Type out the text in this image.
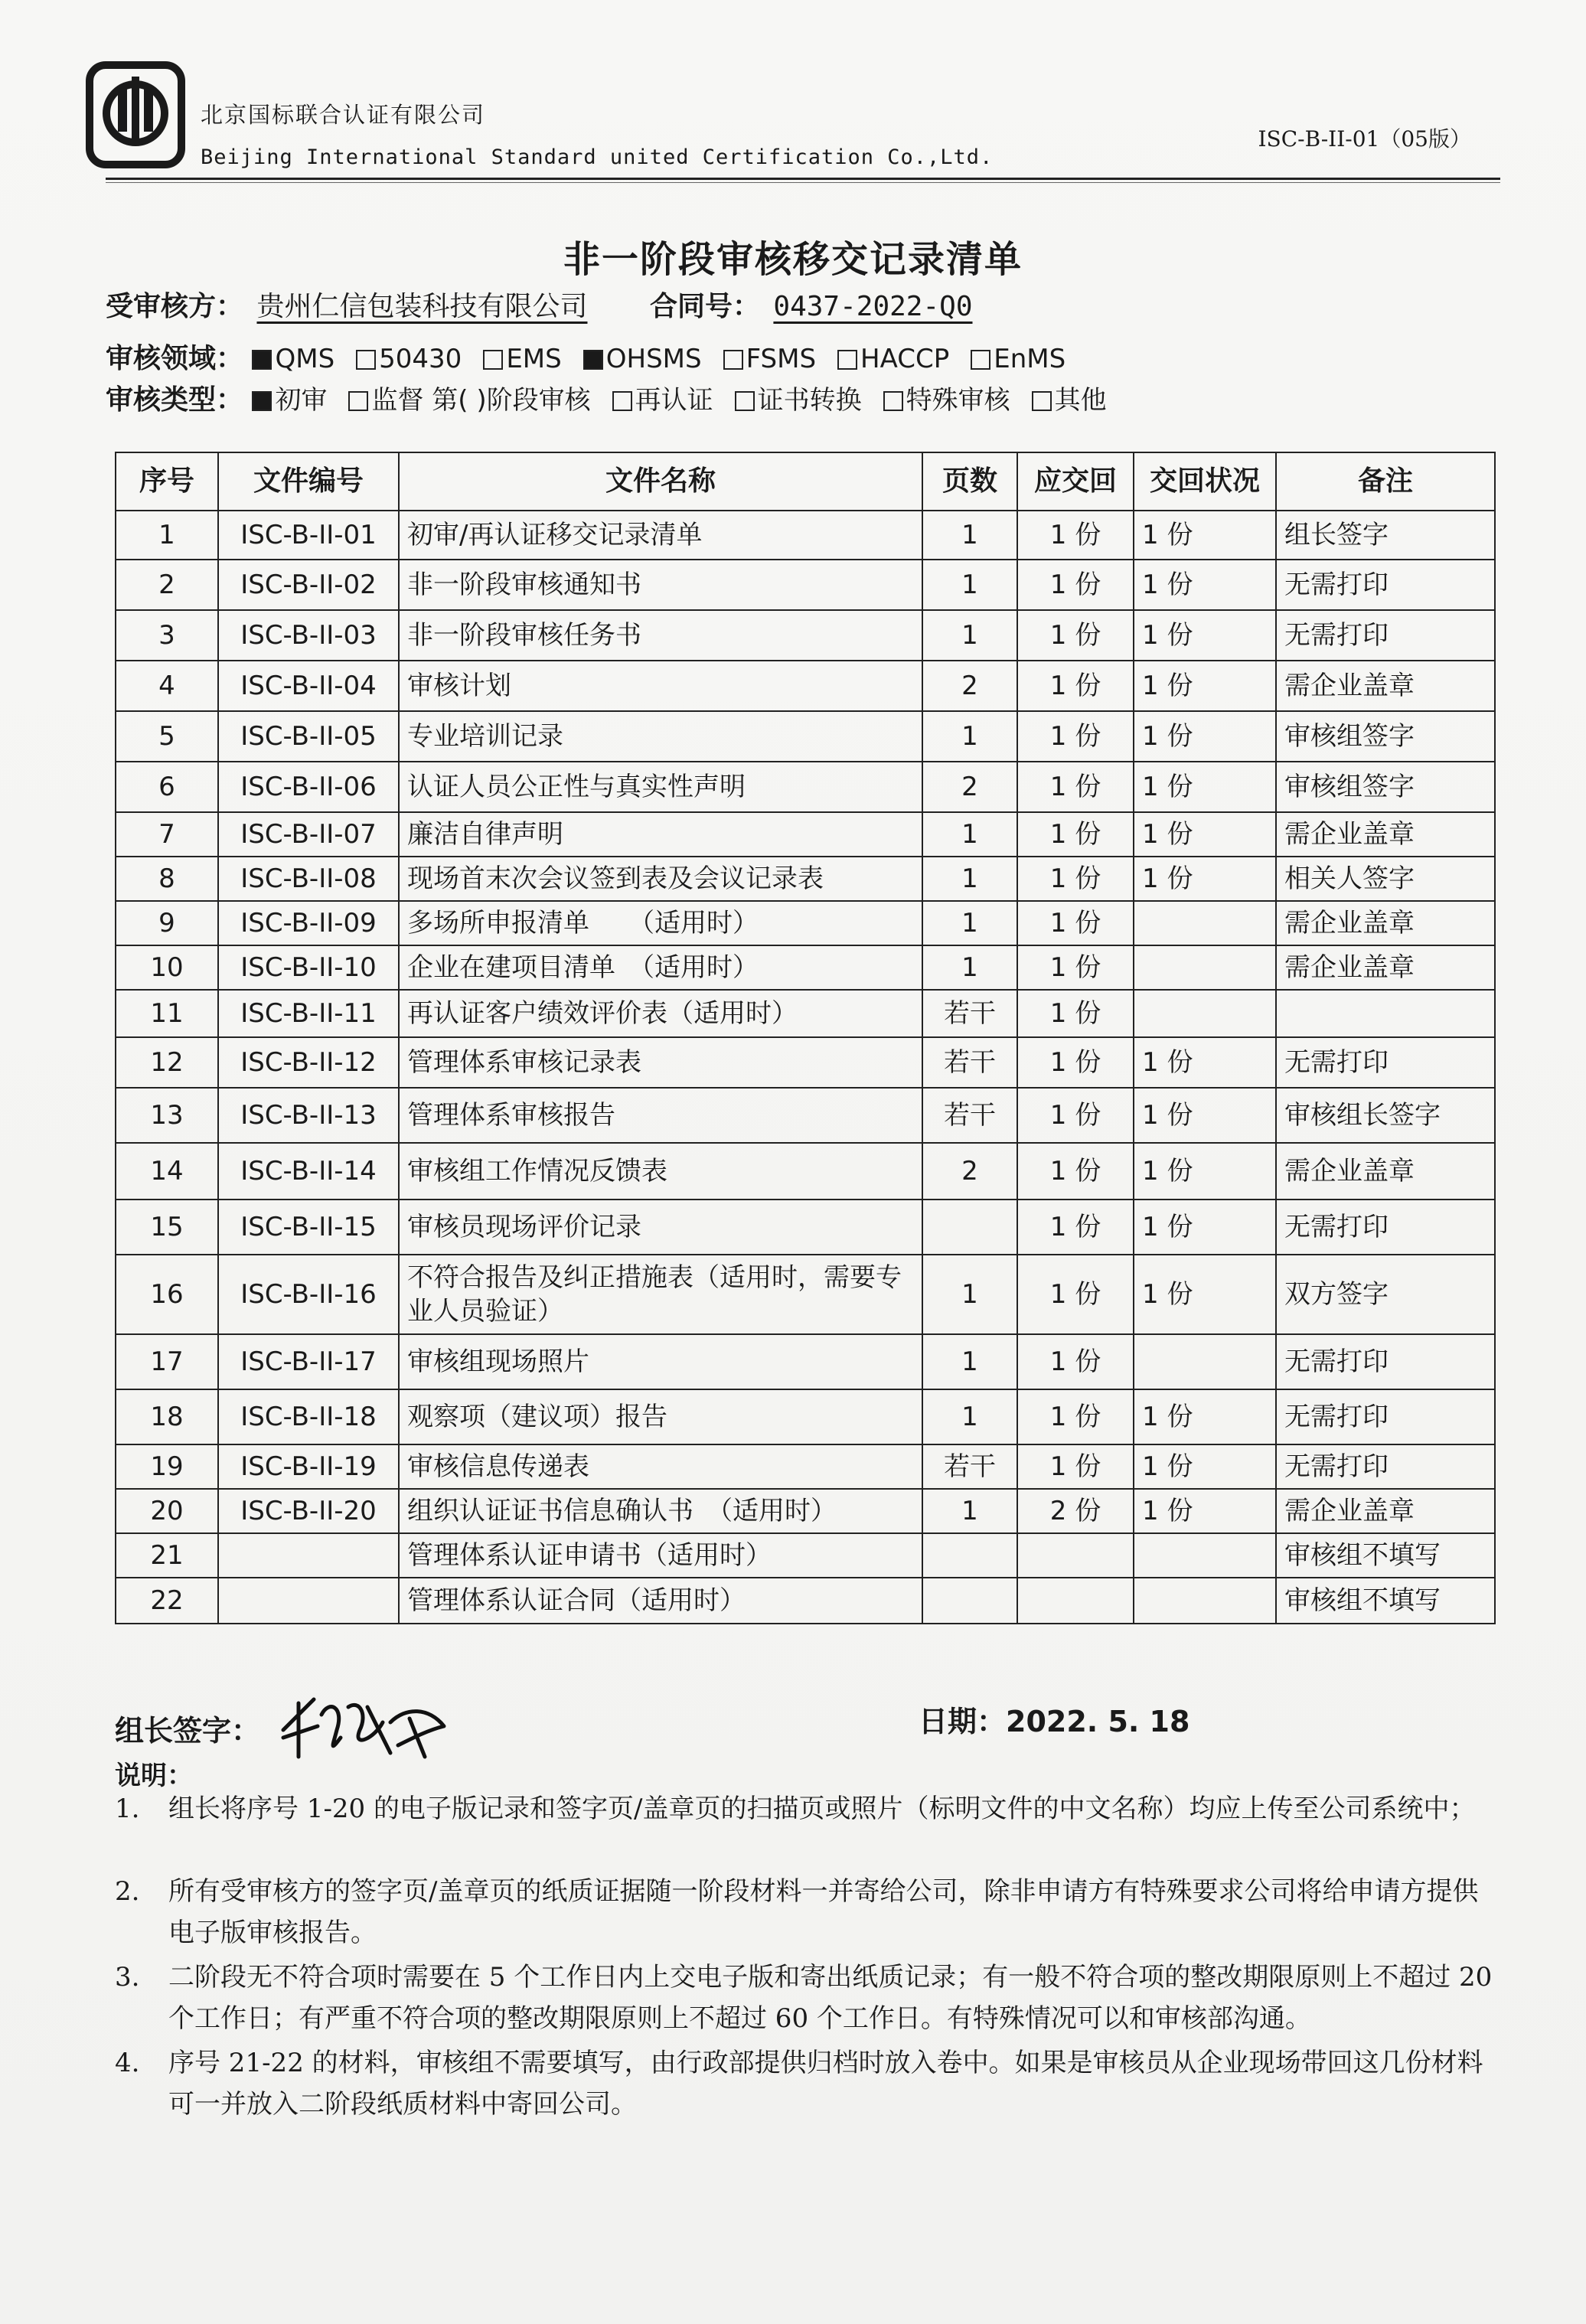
北京国标联合认证有限公司
Beijing International Standard united Certification Co.,Ltd.
ISC-B-II-01（05版）
非一阶段审核移交记录清单
受审核方： 贵州仁信包装科技有限公司 合同号： 0437-2022-Q0
审核领域： QMS 50430 EMS OHSMS FSMS HACCP EnMS
审核类型： 初审 监督 第( )阶段审核 再认证 证书转换 特殊审核 其他
序号	文件编号	文件名称	页数	应交回	交回状况	备注
1	ISC-B-II-01	初审/再认证移交记录清单	1	1 份	1 份	组长签字
2	ISC-B-II-02	非一阶段审核通知书	1	1 份	1 份	无需打印
3	ISC-B-II-03	非一阶段审核任务书	1	1 份	1 份	无需打印
4	ISC-B-II-04	审核计划	2	1 份	1 份	需企业盖章
5	ISC-B-II-05	专业培训记录	1	1 份	1 份	审核组签字
6	ISC-B-II-06	认证人员公正性与真实性声明	2	1 份	1 份	审核组签字
7	ISC-B-II-07	廉洁自律声明	1	1 份	1 份	需企业盖章
8	ISC-B-II-08	现场首末次会议签到表及会议记录表	1	1 份	1 份	相关人签字
9	ISC-B-II-09	多场所申报清单　　（适用时）	1	1 份		需企业盖章
10	ISC-B-II-10	企业在建项目清单　（适用时）	1	1 份		需企业盖章
11	ISC-B-II-11	再认证客户绩效评价表（适用时）	若干	1 份		
12	ISC-B-II-12	管理体系审核记录表	若干	1 份	1 份	无需打印
13	ISC-B-II-13	管理体系审核报告	若干	1 份	1 份	审核组长签字
14	ISC-B-II-14	审核组工作情况反馈表	2	1 份	1 份	需企业盖章
15	ISC-B-II-15	审核员现场评价记录		1 份	1 份	无需打印
16	ISC-B-II-16	不符合报告及纠正措施表（适用时，需要专业人员验证）	1	1 份	1 份	双方签字
17	ISC-B-II-17	审核组现场照片	1	1 份		无需打印
18	ISC-B-II-18	观察项（建议项）报告	1	1 份	1 份	无需打印
19	ISC-B-II-19	审核信息传递表	若干	1 份	1 份	无需打印
20	ISC-B-II-20	组织认证证书信息确认书　（适用时）	1	2 份	1 份	需企业盖章
21		管理体系认证申请书（适用时）				审核组不填写
22		管理体系认证合同（适用时）				审核组不填写
组长签字：	日期：2022. 5. 18
说明：
1. 组长将序号 1-20 的电子版记录和签字页/盖章页的扫描页或照片（标明文件的中文名称）均应上传至公司系统中；
2. 所有受审核方的签字页/盖章页的纸质证据随一阶段材料一并寄给公司，除非申请方有特殊要求公司将给申请方提供电子版审核报告。
3. 二阶段无不符合项时需要在 5 个工作日内上交电子版和寄出纸质记录；有一般不符合项的整改期限原则上不超过 20 个工作日；有严重不符合项的整改期限原则上不超过 60 个工作日。有特殊情况可以和审核部沟通。
4. 序号 21-22 的材料，审核组不需要填写，由行政部提供归档时放入卷中。如果是审核员从企业现场带回这几份材料可一并放入二阶段纸质材料中寄回公司。
